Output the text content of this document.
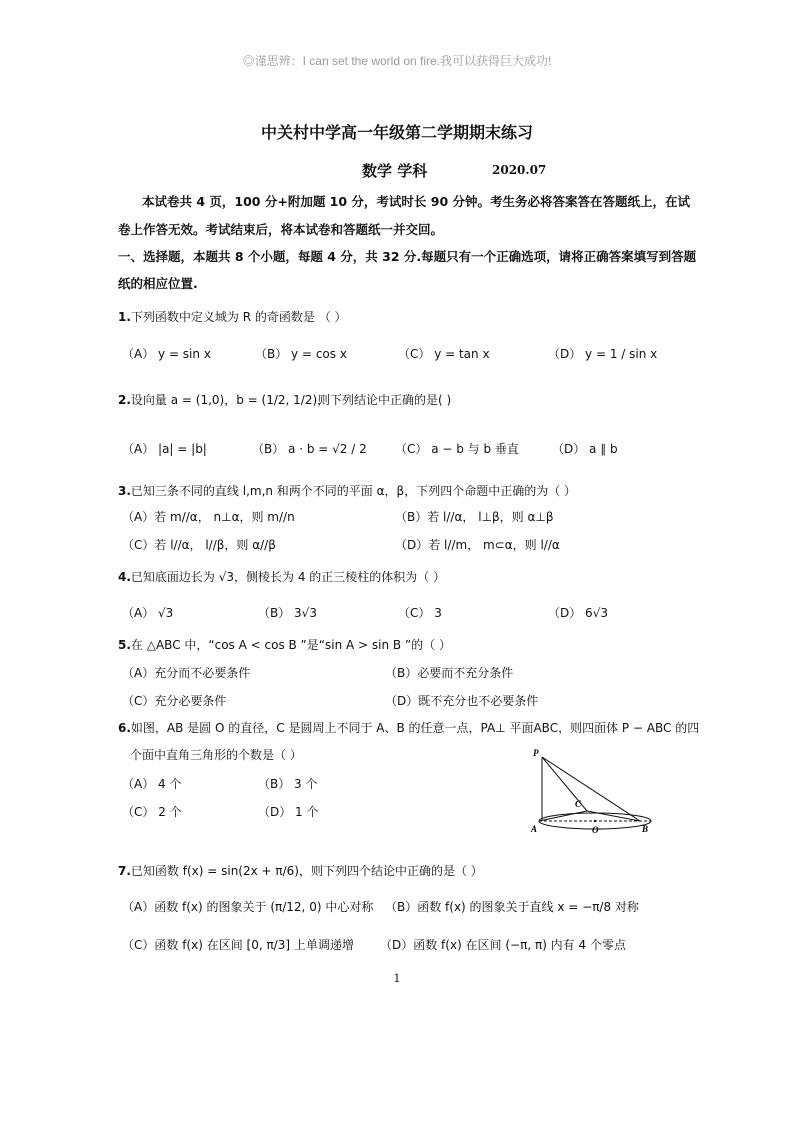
◎谨思辨：I can set the world on fire.我可以获得巨大成功!
中关村中学高一年级第二学期期末练习
数学 学科	2020.07
本试卷共 4 页，100 分+附加题 10 分，考试时长 90 分钟。考生务必将答案答在答题纸上，在试卷上作答无效。考试结束后，将本试卷和答题纸一并交回。
一、选择题，本题共 8 个小题，每题 4 分，共 32 分.每题只有一个正确选项，请将正确答案填写到答题纸的相应位置.
1.下列函数中定义域为 R 的奇函数是 （ ）
（A） y = sin x	（B） y = cos x	（C） y = tan x	（D） y = 1 / sin x
2.设向量 a = (1,0)，b = (1/2, 1/2)，
则下列结论中正确的是( )
（A） |a| = |b|	（B） a · b = √2 / 2 （C） a − b 与 b 垂直	（D） a ∥ b
3.已知三条不同的直线 l,m,n 和两个不同的平面 α，β，下列四个命题中正确的为（ ）
（A）若 m//α， n⊥α，则 m//n	（B）若 l//α， l⊥β，则 α⊥β
（C）若 l//α， l//β，则 α//β	（D）若 l//m， m⊂α，则 l//α
4.已知底面边长为 √3，侧棱长为 4 的正三棱柱的体积为（ ）
（A） √3	（B） 3√3	（C） 3	（D） 6√3
5.在 △ABC 中，“cos A < cos B ”是“sin A > sin B ”的（ ）
（A）充分而不必要条件	（B）必要而不充分条件
（C）充分必要条件	（D）既不充分也不必要条件
6.如图，AB 是圆 O 的直径，C 是圆周上不同于 A、B 的任意一点，PA⊥ 平面ABC，则四面体 P − ABC 的四
个面中直角三角形的个数是（ ）
（A） 4 个	（B） 3 个
（C） 2 个	（D） 1 个
P
C
A	O	B
7.已知函数 f(x) = sin(2x + π/6)，则下列四个结论中正确的是（ ）
（A）函数 f(x) 的图象关于 (π/12, 0) 中心对称 （B）函数 f(x) 的图象关于直线 x = −π/8 对称
（C）函数 f(x) 在区间 [0, π/3] 上单调递增 （D）函数 f(x) 在区间 (−π, π) 内有 4 个零点
1
